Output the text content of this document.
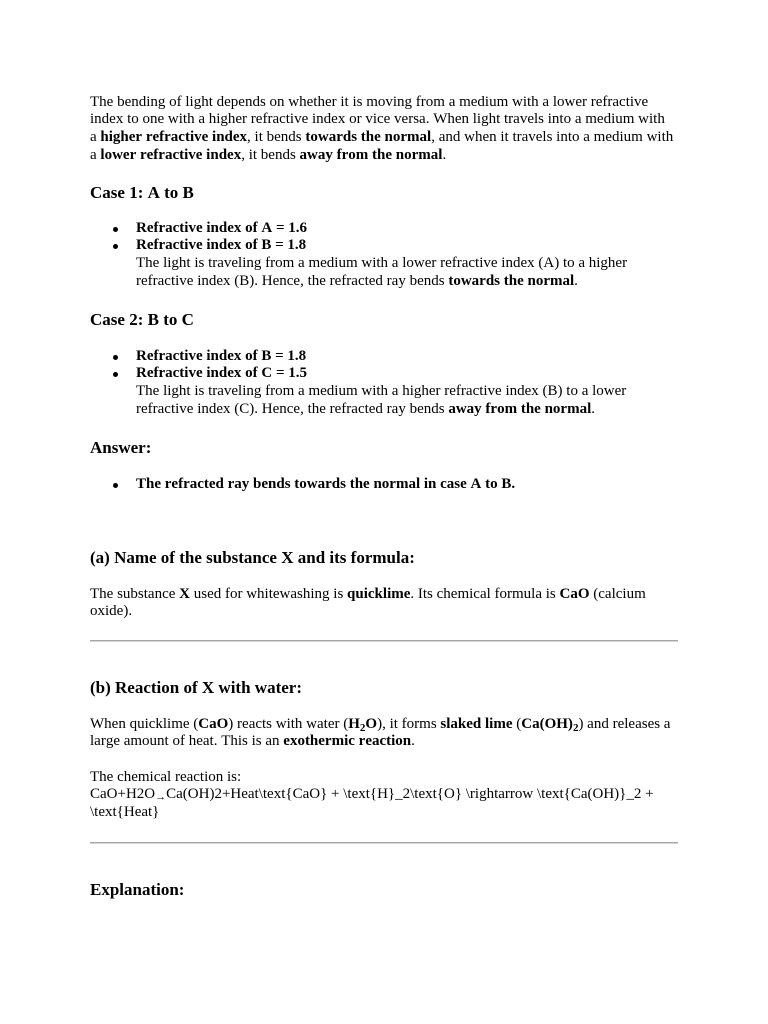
The bending of light depends on whether it is moving from a medium with a lower refractive index to one with a higher refractive index or vice versa. When light travels into a medium with a higher refractive index, it bends towards the normal, and when it travels into a medium with a lower refractive index, it bends away from the normal.

Case 1: A to B
Refractive index of A = 1.6
Refractive index of B = 1.8
The light is traveling from a medium with a lower refractive index (A) to a higher refractive index (B). Hence, the refracted ray bends towards the normal.
Case 2: B to C
Refractive index of B = 1.8
Refractive index of C = 1.5
The light is traveling from a medium with a higher refractive index (B) to a lower refractive index (C). Hence, the refracted ray bends away from the normal.
Answer:
The refracted ray bends towards the normal in case A to B.
(a) Name of the substance X and its formula:

The substance X used for whitewashing is quicklime. Its chemical formula is CaO (calcium oxide).

(b) Reaction of X with water:

When quicklime (CaO) reacts with water $(H_2O)$, it forms slaked lime $(Ca(OH)_2)$ and releases a large amount of heat. This is an exothermic reaction.

The chemical reaction is:
CaO+H2O→Ca(OH)2+Heat\text{CaO} + \text{H}_2\text{O} \rightarrow \text{Ca(OH)}_2 + \text{Heat}

Explanation:
